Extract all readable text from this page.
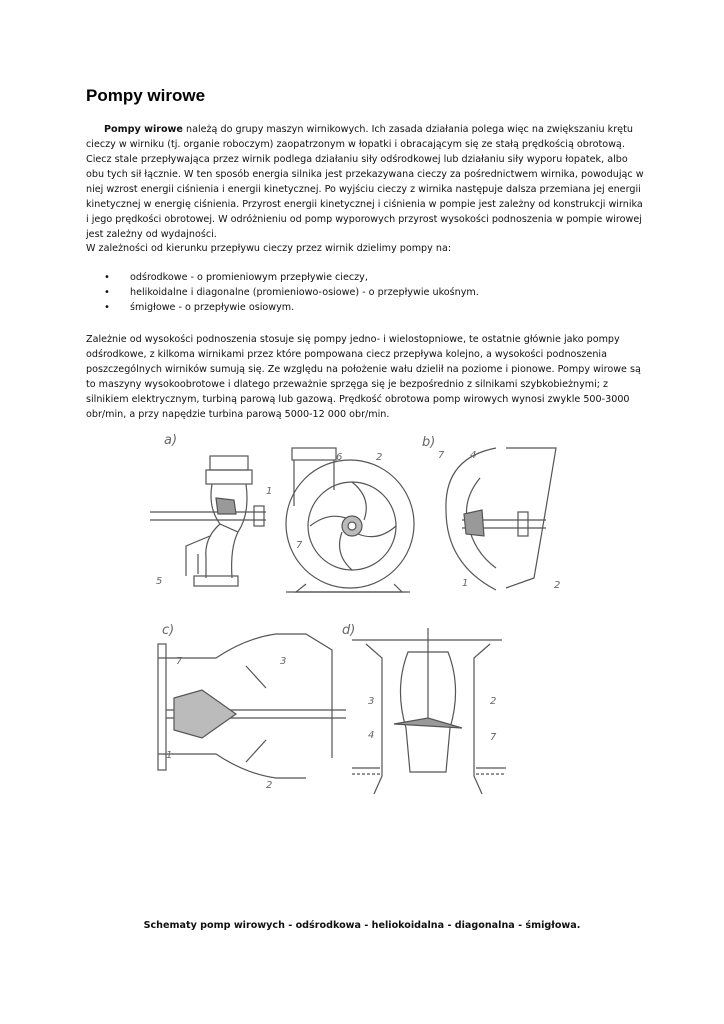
Pompy wirowe

Pompy wirowe należą do grupy maszyn wirnikowych. Ich zasada działania polega więc na zwiększaniu krętu cieczy w wirniku (tj. organie roboczym) zaopatrzonym w łopatki i obracającym się ze stałą prędkością obrotową. Ciecz stale przepływająca przez wirnik podlega działaniu siły odśrodkowej lub działaniu siły wyporu łopatek, albo obu tych sił łącznie. W ten sposób energia silnika jest przekazywana cieczy za pośrednictwem wirnika, powodując w niej wzrost energii ciśnienia i energii kinetycznej. Po wyjściu cieczy z wirnika następuje dalsza przemiana jej energii kinetycznej w energię ciśnienia. Przyrost energii kinetycznej i ciśnienia w pompie jest zależny od konstrukcji wirnika i jego prędkości obrotowej. W odróżnieniu od pomp wyporowych przyrost wysokości podnoszenia w pompie wirowej jest zależny od wydajności.

W zależności od kierunku przepływu cieczy przez wirnik dzielimy pompy na:

• odśrodkowe - o promieniowym przepływie cieczy,
• helikoidalne i diagonalne (promieniowo-osiowe) - o przepływie ukośnym.
• śmigłowe - o przepływie osiowym.

Zależnie od wysokości podnoszenia stosuje się pompy jedno- i wielostopniowe, te ostatnie głównie jako pompy odśrodkowe, z kilkoma wirnikami przez które pompowana ciecz przepływa kolejno, a wysokości podnoszenia poszczególnych wirników sumują się. Ze względu na położenie wału dzielił na poziome i pionowe. Pompy wirowe są to maszyny wysokoobrotowe i dlatego przeważnie sprzęga się je bezpośrednio z silnikami szybkobieżnymi; z silnikiem elektrycznym, turbiną parową lub gazową. Prędkość obrotowa pomp wirowych wynosi zwykle 500-3000 obr/min, a przy napędzie turbina parową 5000-12 000 obr/min.

a)	b)
c)	d)
1
2
7
6
5
7	4
1	2
7	3
1
2
3
4
2
7

Schematy pomp wirowych - odśrodkowa - heliokoidalna - diagonalna - śmigłowa.
